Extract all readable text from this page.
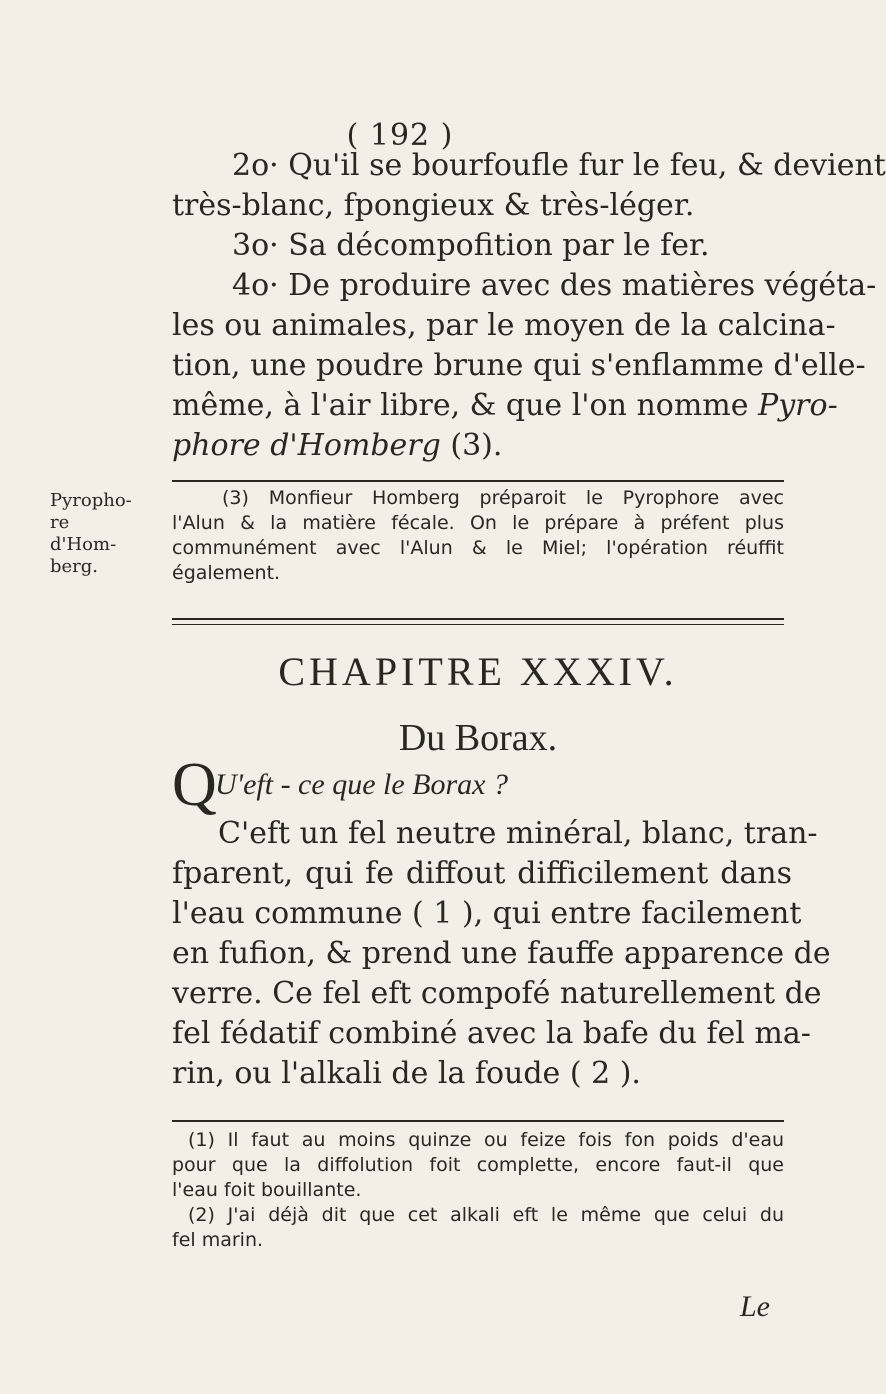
( 192 )
2o· Qu'il se bourfoufle fur le feu, & devient
très-blanc, fpongieux & très-léger.
3o· Sa décompofition par le fer.
4o· De produire avec des matières végéta-
les ou animales, par le moyen de la calcina-
tion, une poudre brune qui s'enflamme d'elle-
même, à l'air libre, & que l'on nomme Pyro-
phore d'Homberg (3).
Pyropho-
re d'Hom-
berg.
(3) Monfieur Homberg préparoit le Pyrophore avec
l'Alun & la matière fécale. On le prépare à préfent plus
communément avec l'Alun & le Miel; l'opération réuffit
également.
CHAPITRE XXXIV.
Du Borax.
Q
U'eft - ce que le Borax ?
C'eft un fel neutre minéral, blanc, tran-
fparent, qui fe diffout difficilement dans
l'eau commune ( 1 ), qui entre facilement
en fufion, & prend une fauffe apparence de
verre. Ce fel eft compofé naturellement de
fel fédatif combiné avec la bafe du fel ma-
rin, ou l'alkali de la foude ( 2 ).
(1) Il faut au moins quinze ou feize fois fon poids d'eau
pour que la diffolution foit complette, encore faut-il que
l'eau foit bouillante.
(2) J'ai déjà dit que cet alkali eft le même que celui du
fel marin.
Le
